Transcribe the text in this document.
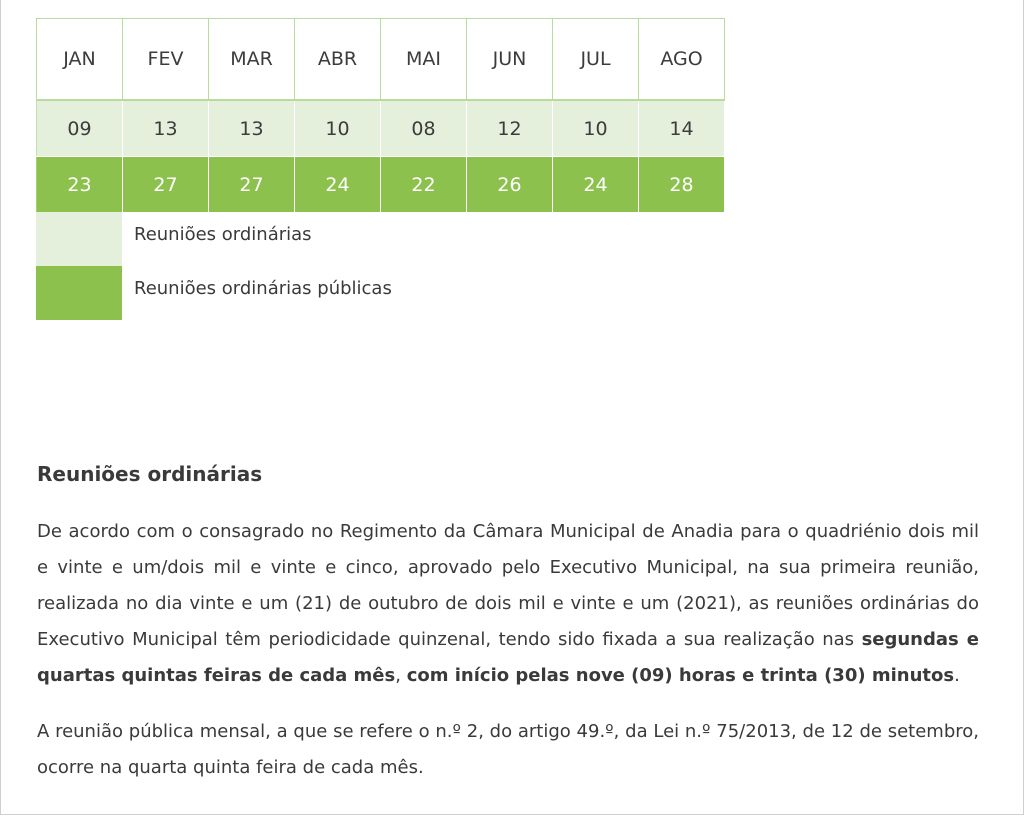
JAN	FEV	MAR	ABR	MAI	JUN	JUL	AGO
09	13	13	10	08	12	10	14
23	27	27	24	22	26	24	28
Reuniões ordinárias
Reuniões ordinárias públicas
Reuniões ordinárias

De acordo com o consagrado no Regimento da Câmara Municipal de Anadia para o quadriénio dois mil e vinte e um/dois mil e vinte e cinco, aprovado pelo Executivo Municipal, na sua primeira reunião, realizada no dia vinte e um (21) de outubro de dois mil e vinte e um (2021), as reuniões ordinárias do Executivo Municipal têm periodicidade quinzenal, tendo sido fixada a sua realização nas segundas e quartas quintas feiras de cada mês, com início pelas nove (09) horas e trinta (30) minutos.

A reunião pública mensal, a que se refere o n.º 2, do artigo 49.º, da Lei n.º 75/2013, de 12 de setembro, ocorre na quarta quinta feira de cada mês.
